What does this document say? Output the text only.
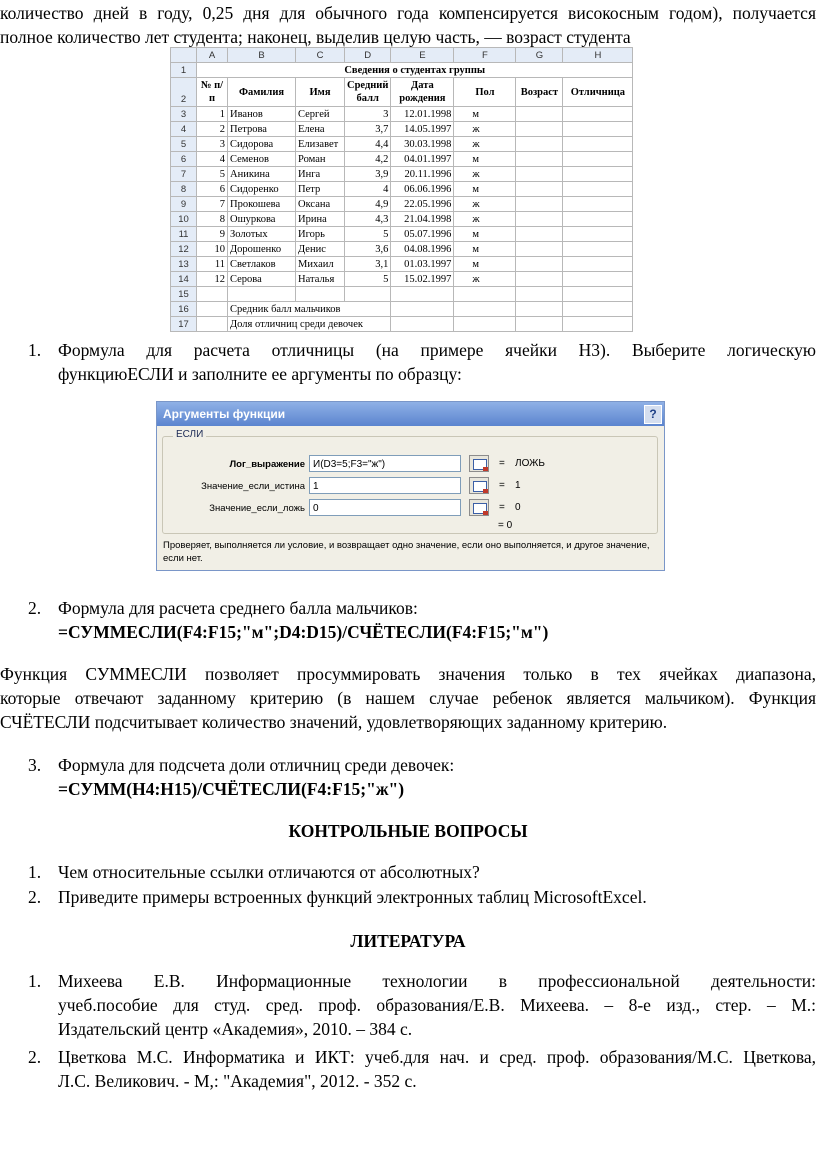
количество дней в году, 0,25 дня для обычного года компенсируется високосным годом), получается
полное количество лет студента; наконец, выделив целую часть, — возраст студента
	A	B	C	D	E	F	G	H
1	Сведения о студентах группы							
2	№ п/п	Фамилия	Имя	Средний балл	Дата рождения	Пол	Возраст	Отличница
3	1	Иванов	Сергей	3	12.01.1998	м		
4	2	Петрова	Елена	3,7	14.05.1997	ж		
5	3	Сидорова	Елизавет	4,4	30.03.1998	ж		
6	4	Семенов	Роман	4,2	04.01.1997	м		
7	5	Аникина	Инга	3,9	20.11.1996	ж		
8	6	Сидоренко	Петр	4	06.06.1996	м		
9	7	Прокошева	Оксана	4,9	22.05.1996	ж		
10	8	Ошуркова	Ирина	4,3	21.04.1998	ж		
11	9	Золотых	Игорь	5	05.07.1996	м		
12	10	Дорошенко	Денис	3,6	04.08.1996	м		
13	11	Светлаков	Михаил	3,1	01.03.1997	м		
14	12	Серова	Наталья	5	15.02.1997	ж		
15								
16		Средник балл мальчиков						
17		Доля отличниц среди девочек						
1. Формула для расчета отличницы (на примере ячейки Н3). Выберите логическую
функциюЕСЛИ и заполните ее аргументы по образцу:
Аргументы функции	?
ЕСЛИ
Лог_выражение И(D3=5;F3="ж")	= ЛОЖЬ
Значение_если_истина 1	= 1
Значение_если_ложь 0	= 0
= 0
Проверяет, выполняется ли условие, и возвращает одно значение, если оно выполняется, и другое значение, если нет.
2. Формула для расчета среднего балла мальчиков:
=СУММЕСЛИ(F4:F15;"м";D4:D15)/СЧЁТЕСЛИ(F4:F15;"м")
Функция СУММЕСЛИ позволяет просуммировать значения только в тех ячейках диапазона,
которые отвечают заданному критерию (в нашем случае ребенок является мальчиком). Функция
СЧЁТЕСЛИ подсчитывает количество значений, удовлетворяющих заданному критерию.
3. Формула для подсчета доли отличниц среди девочек:
=СУММ(H4:H15)/СЧЁТЕСЛИ(F4:F15;"ж")
КОНТРОЛЬНЫЕ ВОПРОСЫ
1. Чем относительные ссылки отличаются от абсолютных?
2. Приведите примеры встроенных функций электронных таблиц MicrosoftExcel.
ЛИТЕРАТУРА
1. Михеева Е.В. Информационные технологии в профессиональной деятельности:
учеб.пособие для студ. сред. проф. образования/Е.В. Михеева. – 8-е изд., стер. – М.:
Издательский центр «Академия», 2010. – 384 с.
2. Цветкова М.С. Информатика и ИКТ: учеб.для нач. и сред. проф. образования/М.С. Цветкова,
Л.С. Великович. - М,: "Академия", 2012. - 352 с.
